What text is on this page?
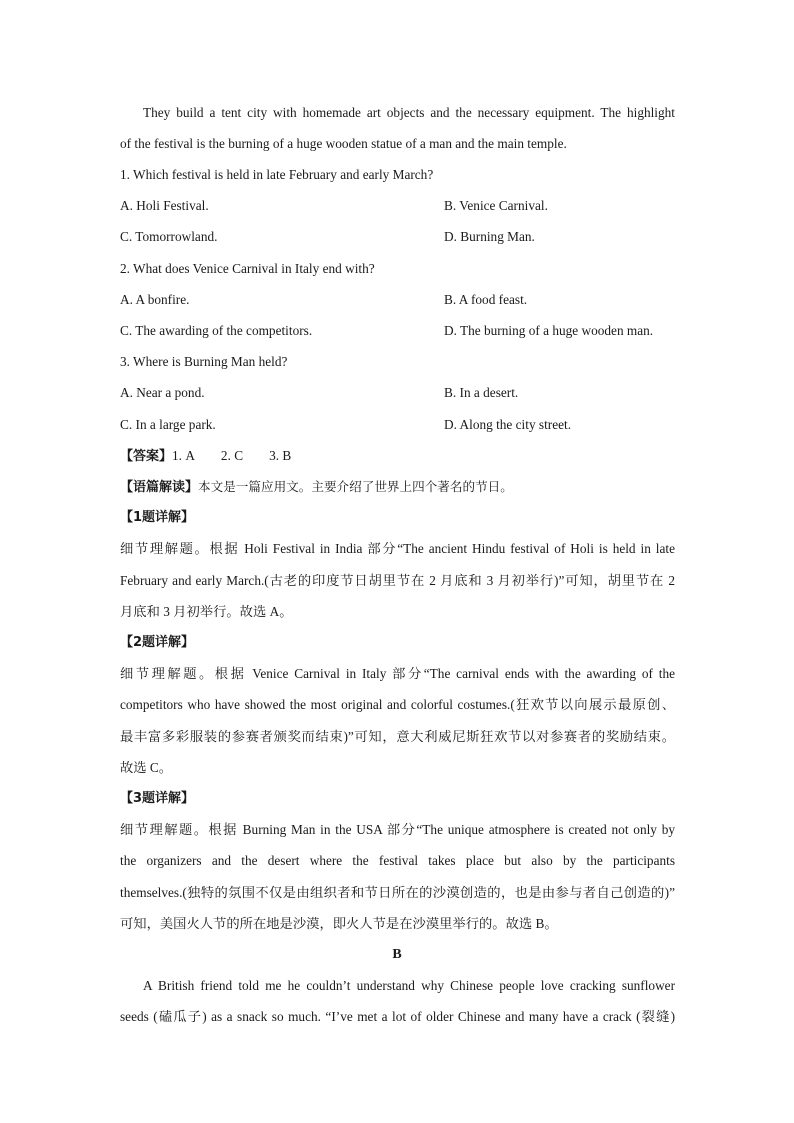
They build a tent city with homemade art objects and the necessary equipment. The highlight
of the festival is the burning of a huge wooden statue of a man and the main temple.
1. Which festival is held in late February and early March?
A. Holi Festival.	B. Venice Carnival.
C. Tomorrowland.	D. Burning Man.
2. What does Venice Carnival in Italy end with?
A. A bonfire.	B. A food feast.
C. The awarding of the competitors.	D. The burning of a huge wooden man.
3. Where is Burning Man held?
A. Near a pond.	B. In a desert.
C. In a large park.	D. Along the city street.
【答案】1. A 2. C 3. B
【语篇解读】本文是一篇应用文。主要介绍了世界上四个著名的节日。
【1题详解】
细节理解题。根据 Holi Festival in India 部分“The ancient Hindu festival of Holi is held in late
February and early March.(古老的印度节日胡里节在 2 月底和 3 月初举行)”可知，胡里节在 2
月底和 3 月初举行。故选 A。
【2题详解】
细节理解题。根据 Venice Carnival in Italy 部分“The carnival ends with the awarding of the
competitors who have showed the most original and colorful costumes.(狂欢节以向展示最原创、
最丰富多彩服装的参赛者颁奖而结束)”可知，意大利威尼斯狂欢节以对参赛者的奖励结束。
故选 C。
【3题详解】
细节理解题。根据 Burning Man in the USA 部分“The unique atmosphere is created not only by
the organizers and the desert where the festival takes place but also by the participants
themselves.(独特的氛围不仅是由组织者和节日所在的沙漠创造的，也是由参与者自己创造的)”
可知，美国火人节的所在地是沙漠，即火人节是在沙漠里举行的。故选 B。
B
A British friend told me he couldn’t understand why Chinese people love cracking sunflower
seeds (磕瓜子) as a snack so much. “I’ve met a lot of older Chinese and many have a crack (裂缝)
